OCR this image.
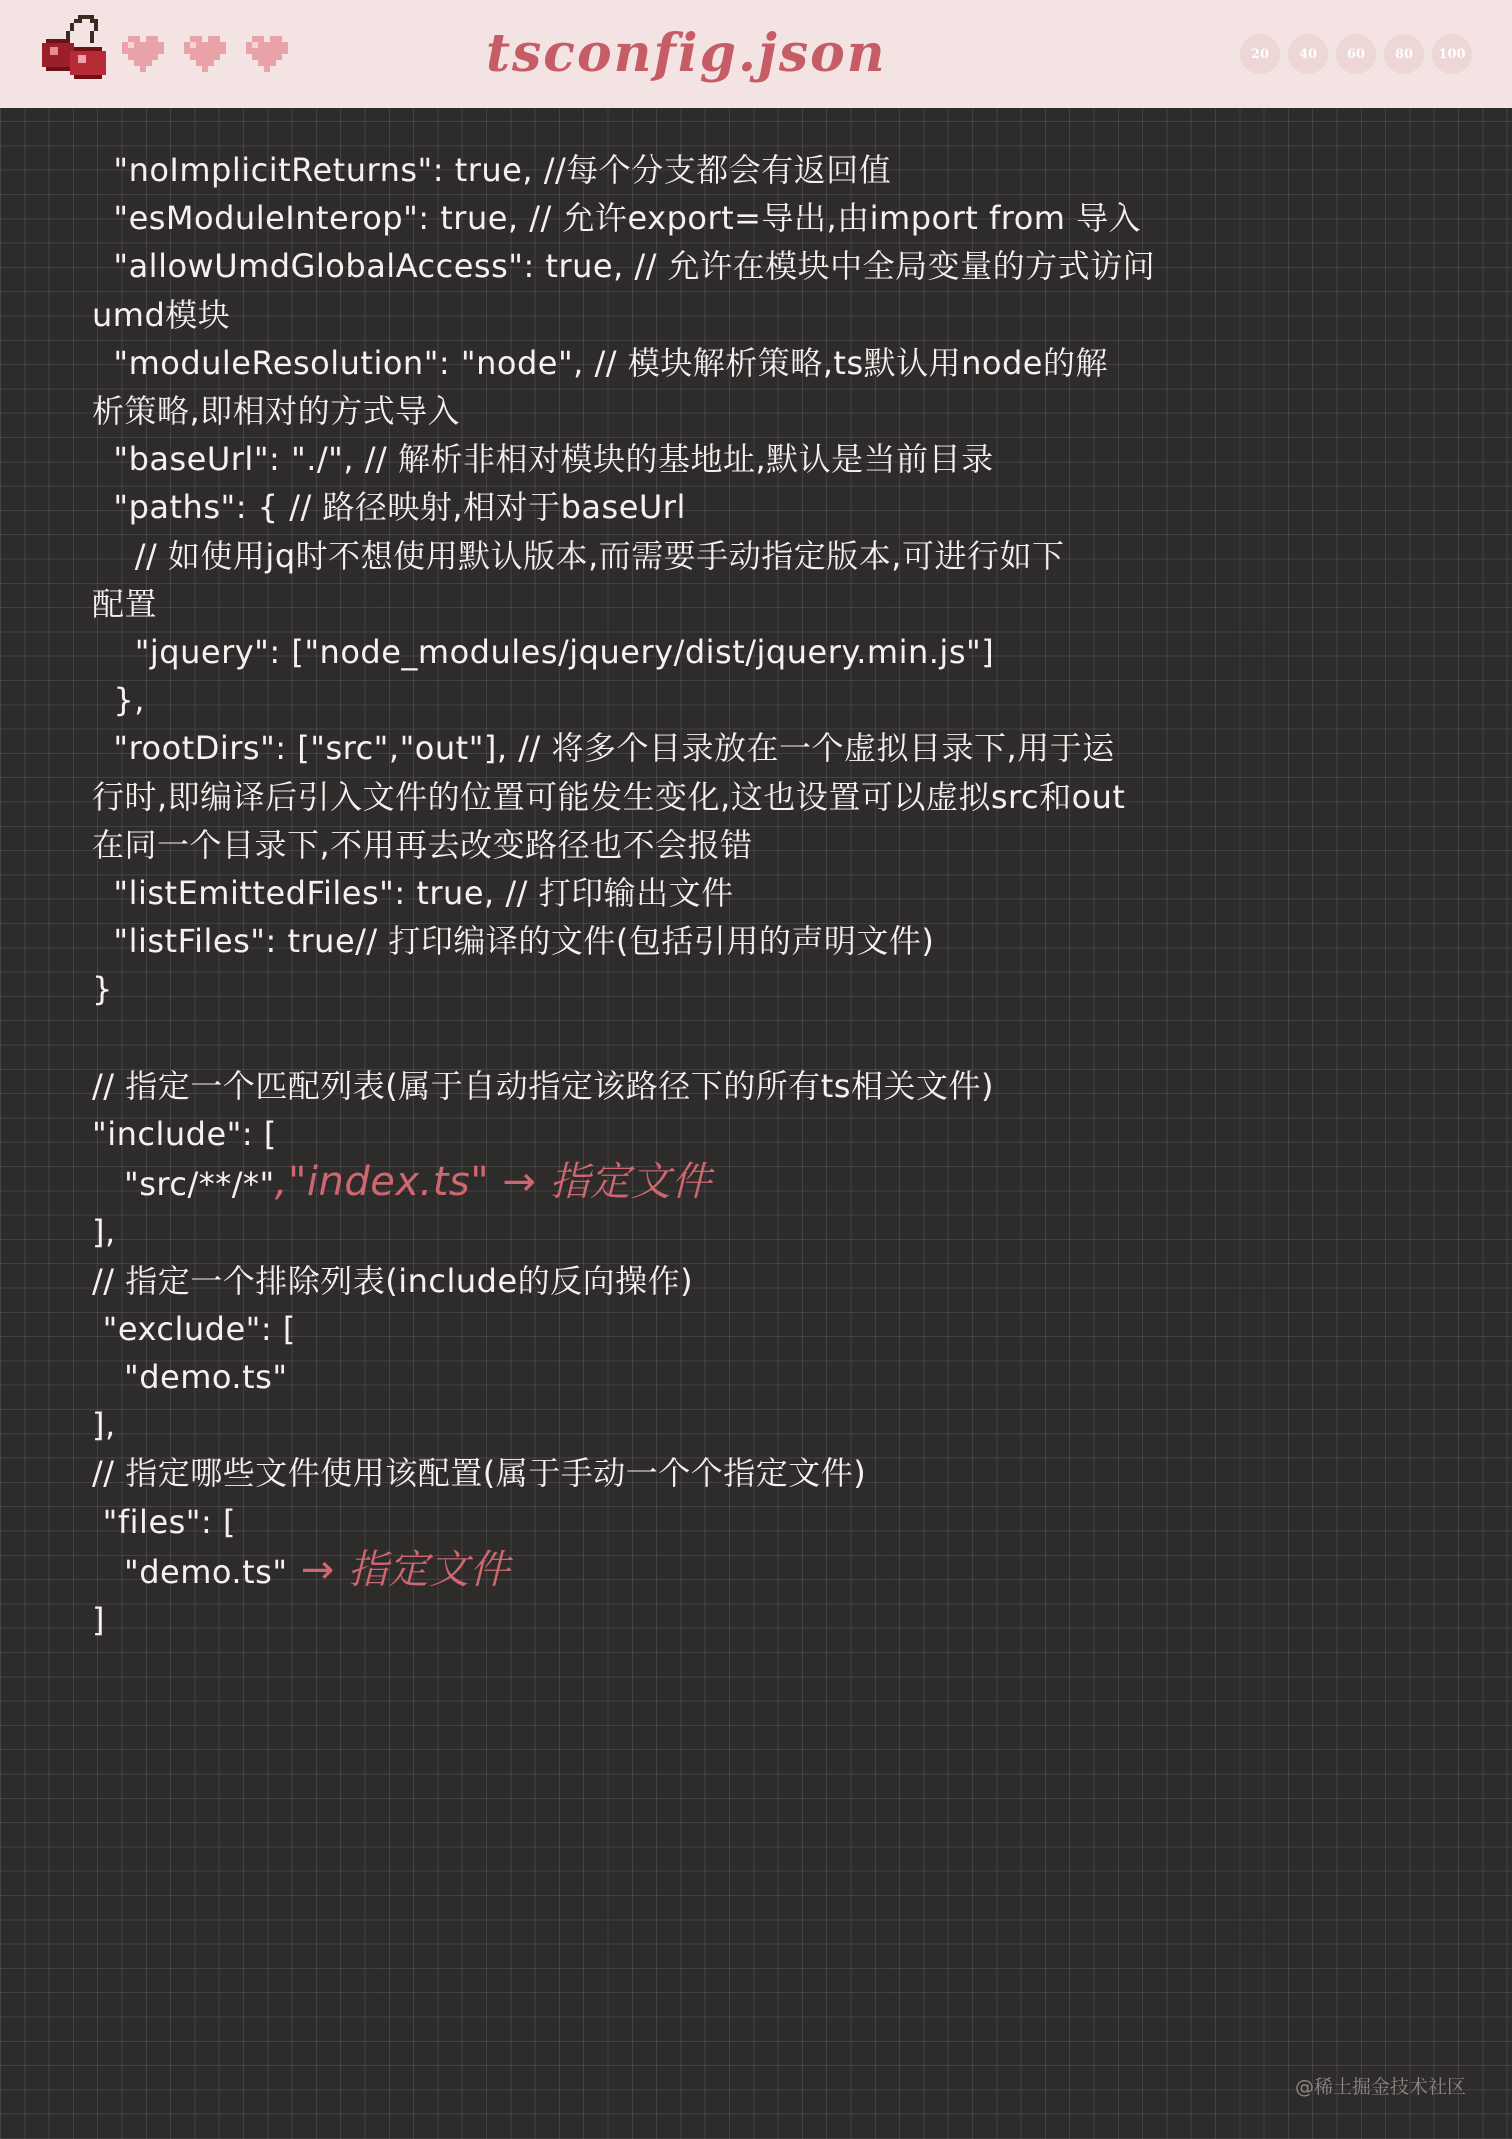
tsconfig.json	20	40	60	80	100
"noImplicitReturns": true, //每个分支都会有返回值
"esModuleInterop": true, // 允许export=导出,由import from 导入
"allowUmdGlobalAccess": true, // 允许在模块中全局变量的方式访问
umd模块
"moduleResolution": "node", // 模块解析策略,ts默认用node的解
析策略,即相对的方式导入
"baseUrl": "./", // 解析非相对模块的基地址,默认是当前目录
"paths": { // 路径映射,相对于baseUrl
// 如使用jq时不想使用默认版本,而需要手动指定版本,可进行如下
配置
"jquery": ["node_modules/jquery/dist/jquery.min.js"]
},
"rootDirs": ["src","out"], // 将多个目录放在一个虚拟目录下,用于运
行时,即编译后引入文件的位置可能发生变化,这也设置可以虚拟src和out
在同一个目录下,不用再去改变路径也不会报错
"listEmittedFiles": true, // 打印输出文件
"listFiles": true// 打印编译的文件(包括引用的声明文件)
}
// 指定一个匹配列表(属于自动指定该路径下的所有ts相关文件)
"include": [
"src/**/*","index.ts" → 指定文件
],
// 指定一个排除列表(include的反向操作)
"exclude": [
"demo.ts"
],
// 指定哪些文件使用该配置(属于手动一个个指定文件)
"files": [
"demo.ts" → 指定文件
]
@稀土掘金技术社区
